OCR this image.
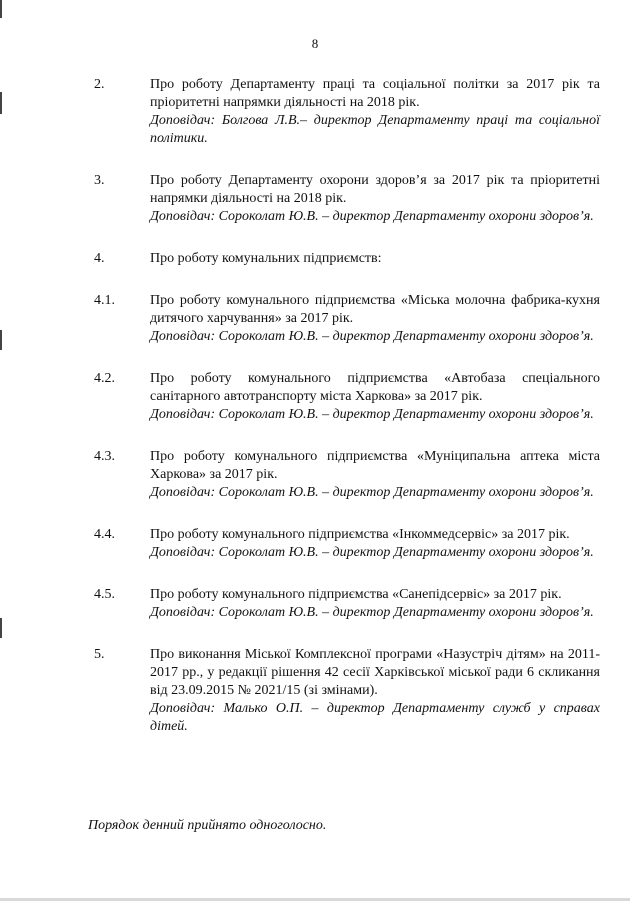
8
2.	Про роботу Департаменту праці та соціальної політки за 2017 рік та пріоритетні напрямки діяльності на 2018 рік.
Доповідач: Болгова Л.В.– директор Департаменту праці та соціальної політики.
3.	Про роботу Департаменту охорони здоров’я за 2017 рік та пріоритетні напрямки діяльності на 2018 рік.
Доповідач: Сороколат Ю.В. – директор Департаменту охорони здоров’я.
4.	Про роботу комунальних підприємств:
4.1.	Про роботу комунального підприємства «Міська молочна фабрика-кухня дитячого харчування» за 2017 рік.
Доповідач: Сороколат Ю.В. – директор Департаменту охорони здоров’я.
4.2.	Про роботу комунального підприємства «Автобаза спеціального санітарного автотранспорту міста Харкова» за 2017 рік.
Доповідач: Сороколат Ю.В. – директор Департаменту охорони здоров’я.
4.3.	Про роботу комунального підприємства «Муніципальна аптека міста Харкова» за 2017 рік.
Доповідач: Сороколат Ю.В. – директор Департаменту охорони здоров’я.
4.4.	Про роботу комунального підприємства «Інкоммедсервіс» за 2017 рік.
Доповідач: Сороколат Ю.В. – директор Департаменту охорони здоров’я.
4.5.	Про роботу комунального підприємства «Санепідсервіс» за 2017 рік.
Доповідач: Сороколат Ю.В. – директор Департаменту охорони здоров’я.
5.	Про виконання Міської Комплексної програми «Назустріч дітям» на 2011-2017 рр., у редакції рішення 42 сесії Харківської міської ради 6 скликання від 23.09.2015 № 2021/15 (зі змінами).
Доповідач: Малько О.П. – директор Департаменту служб у справах дітей.
Порядок денний прийнято одноголосно.
